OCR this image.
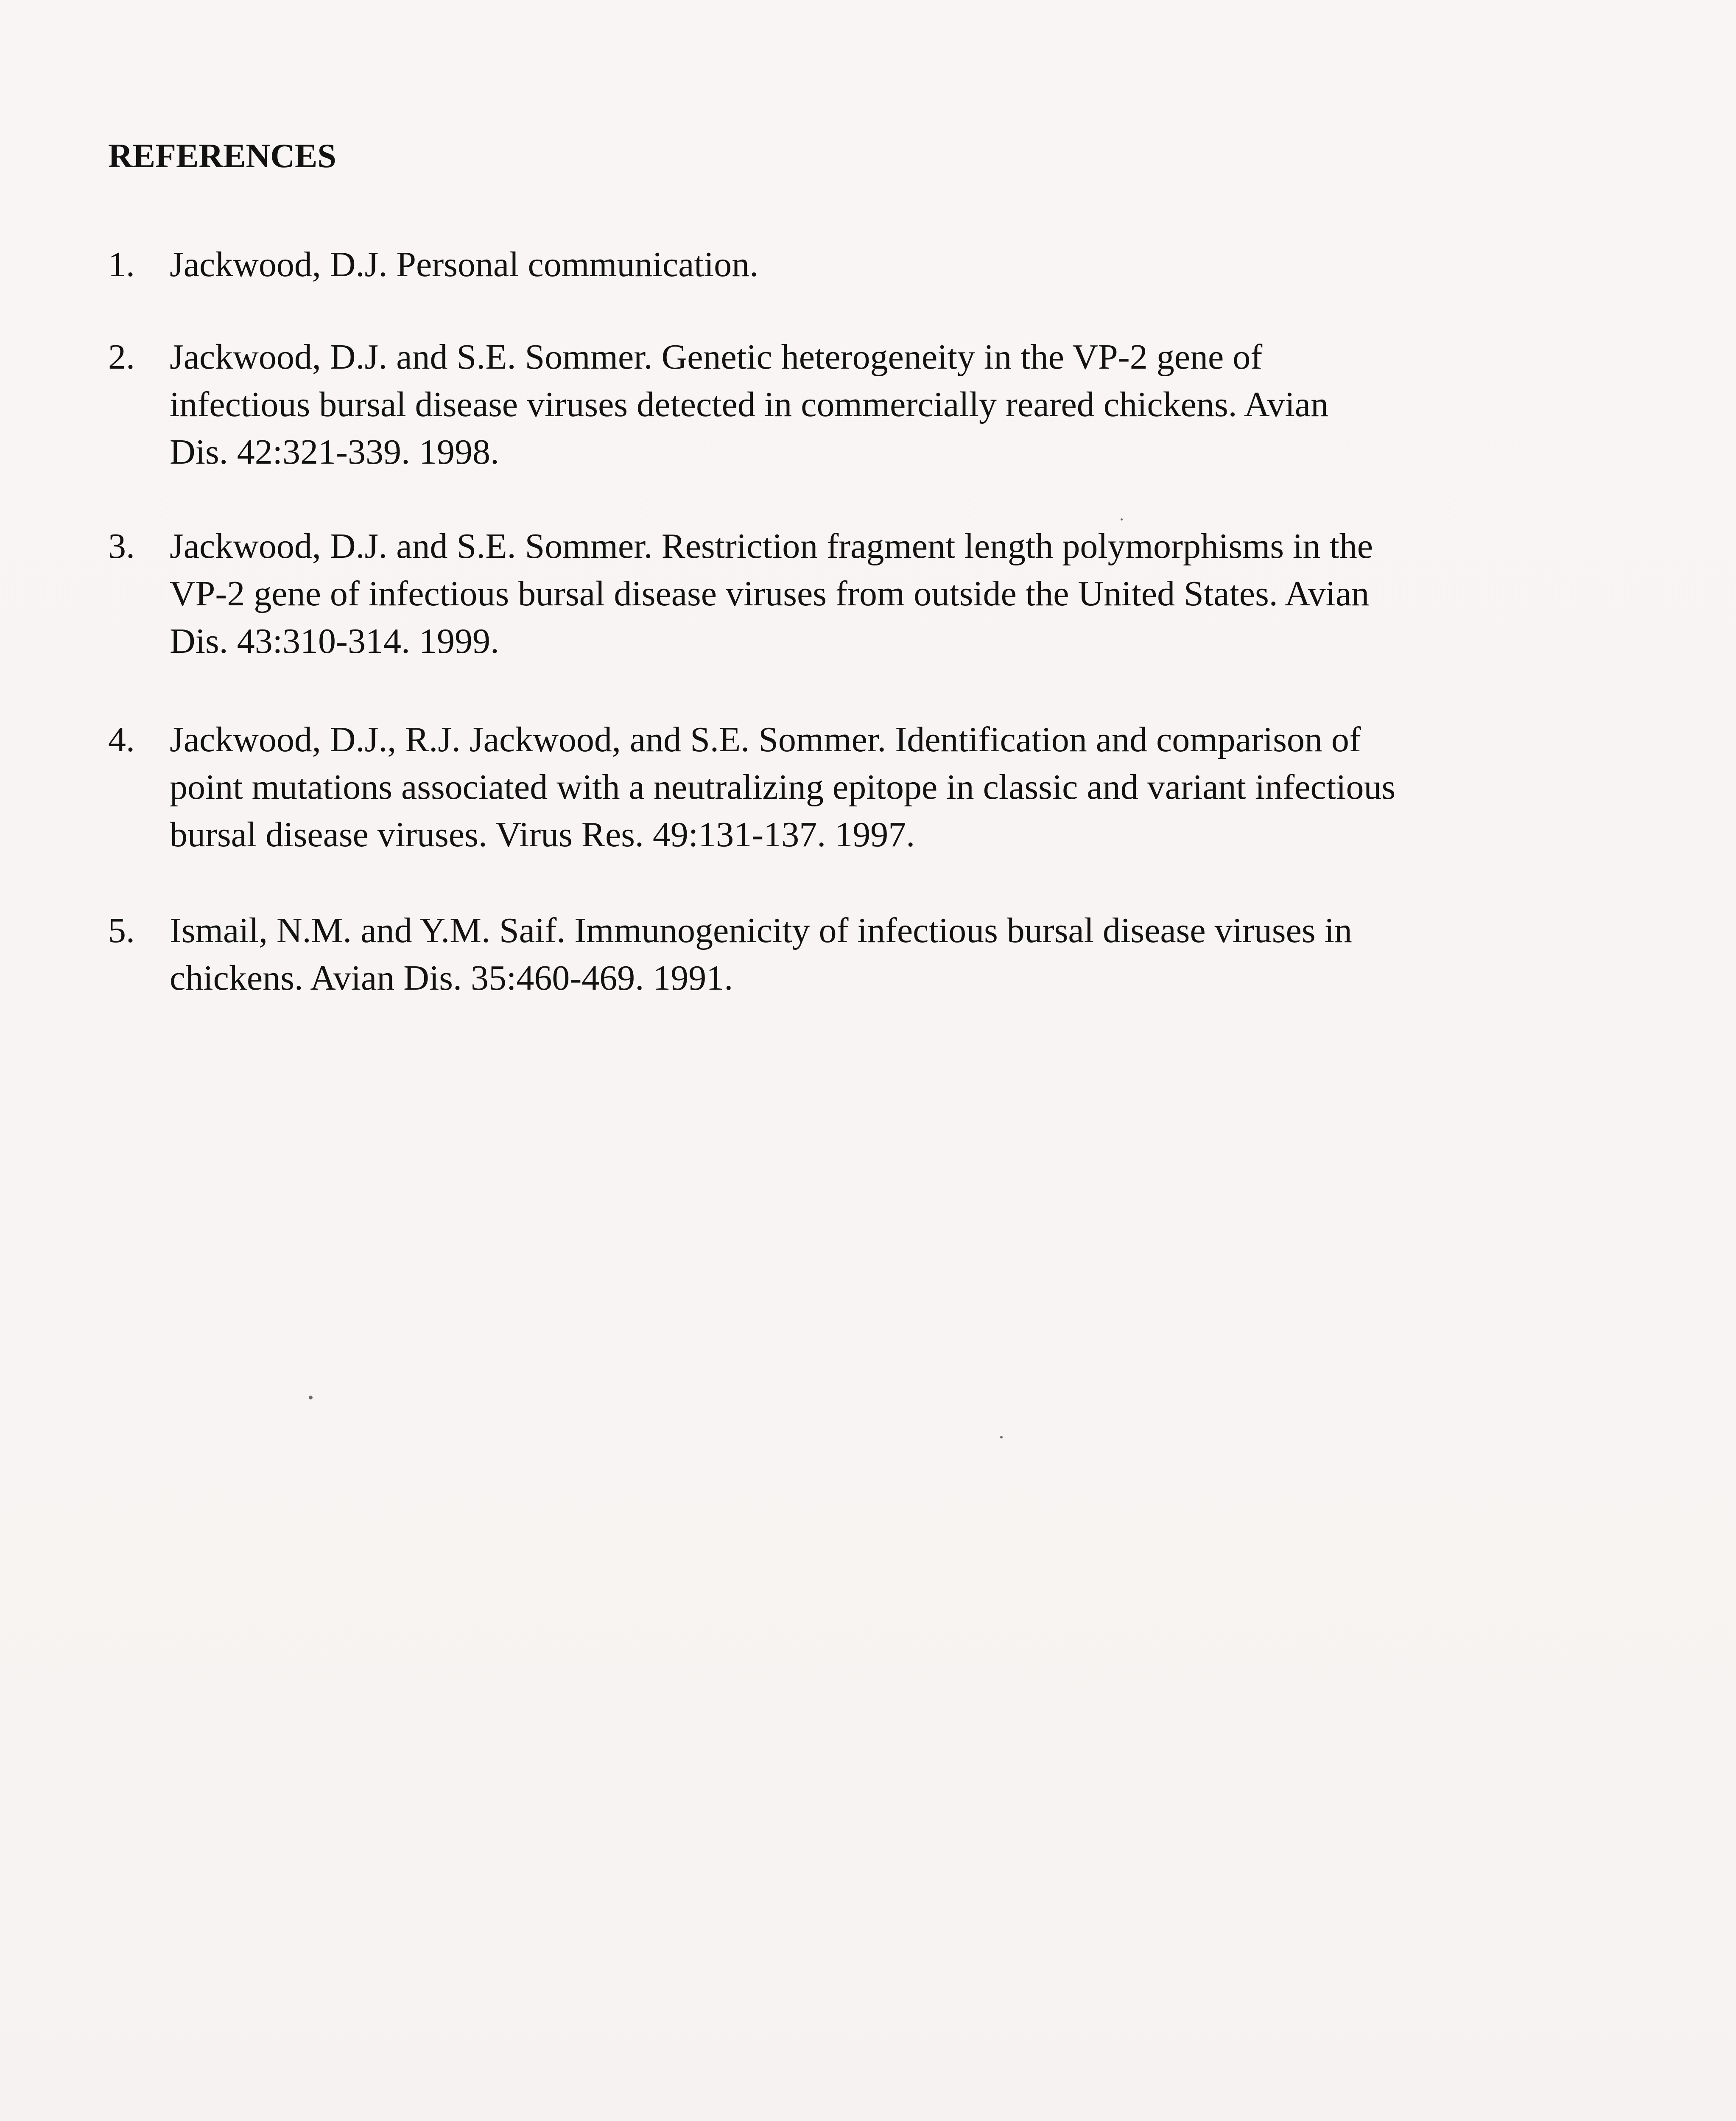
REFERENCES
1. Jackwood, D.J. Personal communication.
2. Jackwood, D.J. and S.E. Sommer. Genetic heterogeneity in the VP-2 gene of
infectious bursal disease viruses detected in commercially reared chickens. Avian
Dis. 42:321-339. 1998.
3. Jackwood, D.J. and S.E. Sommer. Restriction fragment length polymorphisms in the
VP-2 gene of infectious bursal disease viruses from outside the United States. Avian
Dis. 43:310-314. 1999.
4. Jackwood, D.J., R.J. Jackwood, and S.E. Sommer. Identification and comparison of
point mutations associated with a neutralizing epitope in classic and variant infectious
bursal disease viruses. Virus Res. 49:131-137. 1997.
5. Ismail, N.M. and Y.M. Saif. Immunogenicity of infectious bursal disease viruses in
chickens. Avian Dis. 35:460-469. 1991.
